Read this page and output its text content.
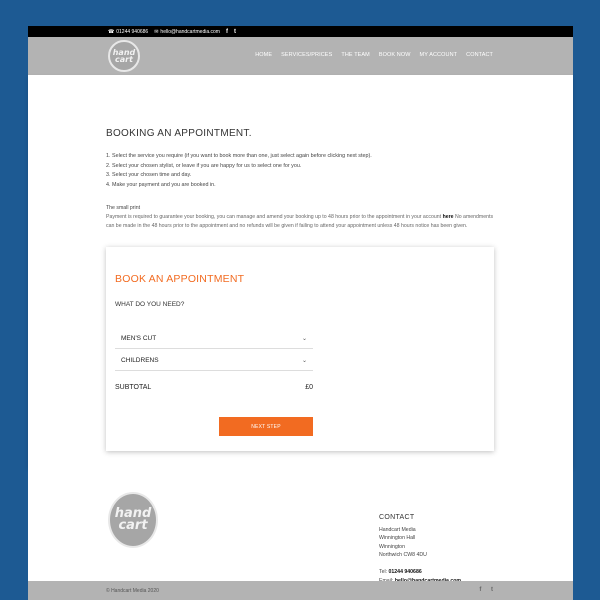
☎ 01244 940686 ✉ hello@handcartmedia.com f t
hand
cart	HOME SERVICES/PRICES THE TEAM BOOK NOW MY ACCOUNT CONTACT
BOOKING AN APPOINTMENT.
1. Select the service you require (if you want to book more than one, just select again before clicking next step).
2. Select your chosen stylist, or leave if you are happy for us to select one for you.
3. Select your chosen time and day.
4. Make your payment and you are booked in.
The small print
Payment is required to guarantee your booking, you can manage and amend your booking up to 48 hours prior to the appointment in your account here No amendments can be made in the 48 hours prior to the appointment and no refunds will be given if failing to attend your appointment unless 48 hours notice has been given.
BOOK AN APPOINTMENT
WHAT DO YOU NEED?
MEN'S CUT	⌄
CHILDRENS	⌄
SUBTOTAL	£0
NEXT STEP
hand
cart
CONTACT
Handcart Media
Winnington Hall
Winnington
Northwich CW8 4DU
Tel: 01244 940686
© Handcart Media 2020	f t
